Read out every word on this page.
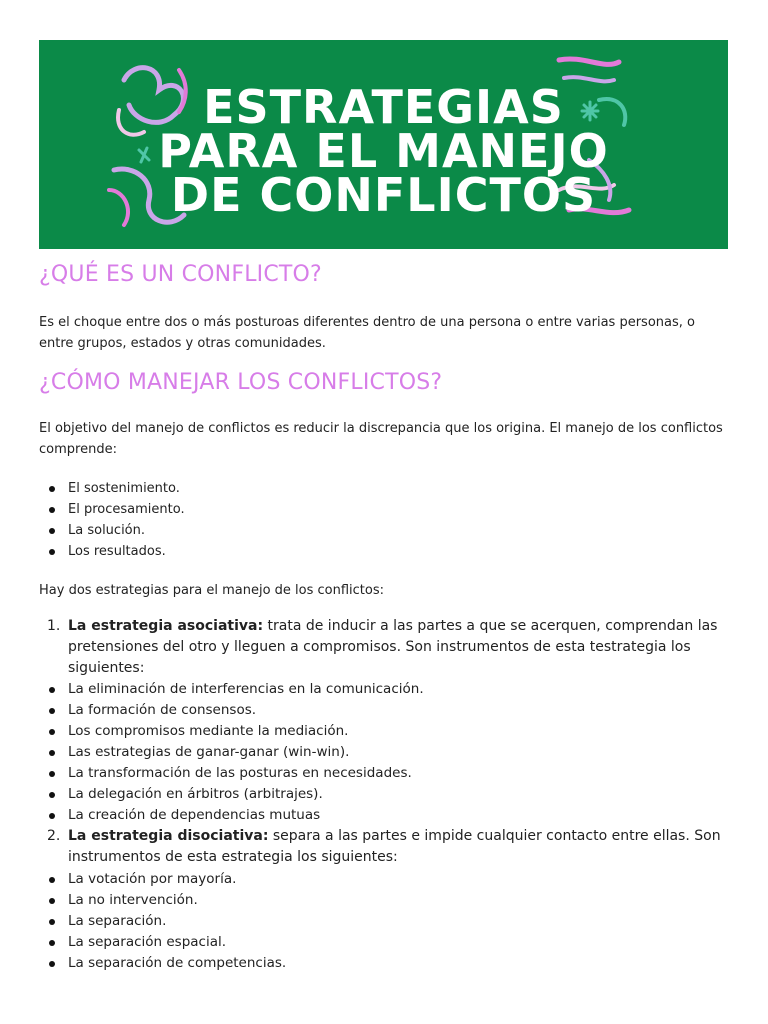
ESTRATEGIAS
PARA EL MANEJO
DE CONFLICTOS
¿QUÉ ES UN CONFLICTO?

Es el choque entre dos o más posturoas diferentes dentro de una persona o entre varias personas, o entre grupos, estados y otras comunidades.

¿CÓMO MANEJAR LOS CONFLICTOS?

El objetivo del manejo de conflictos es reducir la discrepancia que los origina. El manejo de los conflictos comprende:

El sostenimiento.
El procesamiento.
La solución.
Los resultados.

Hay dos estrategias para el manejo de los conflictos:

1. La estrategia asociativa: trata de inducir a las partes a que se acerquen, comprendan las pretensiones del otro y lleguen a compromisos. Son instrumentos de esta testrategia los siguientes:
La eliminación de interferencias en la comunicación.
La formación de consensos.
Los compromisos mediante la mediación.
Las estrategias de ganar-ganar (win-win).
La transformación de las posturas en necesidades.
La delegación en árbitros (arbitrajes).
La creación de dependencias mutuas
2. La estrategia disociativa: separa a las partes e impide cualquier contacto entre ellas. Son instrumentos de esta estrategia los siguientes:
La votación por mayoría.
La no intervención.
La separación.
La separación espacial.
La separación de competencias.
